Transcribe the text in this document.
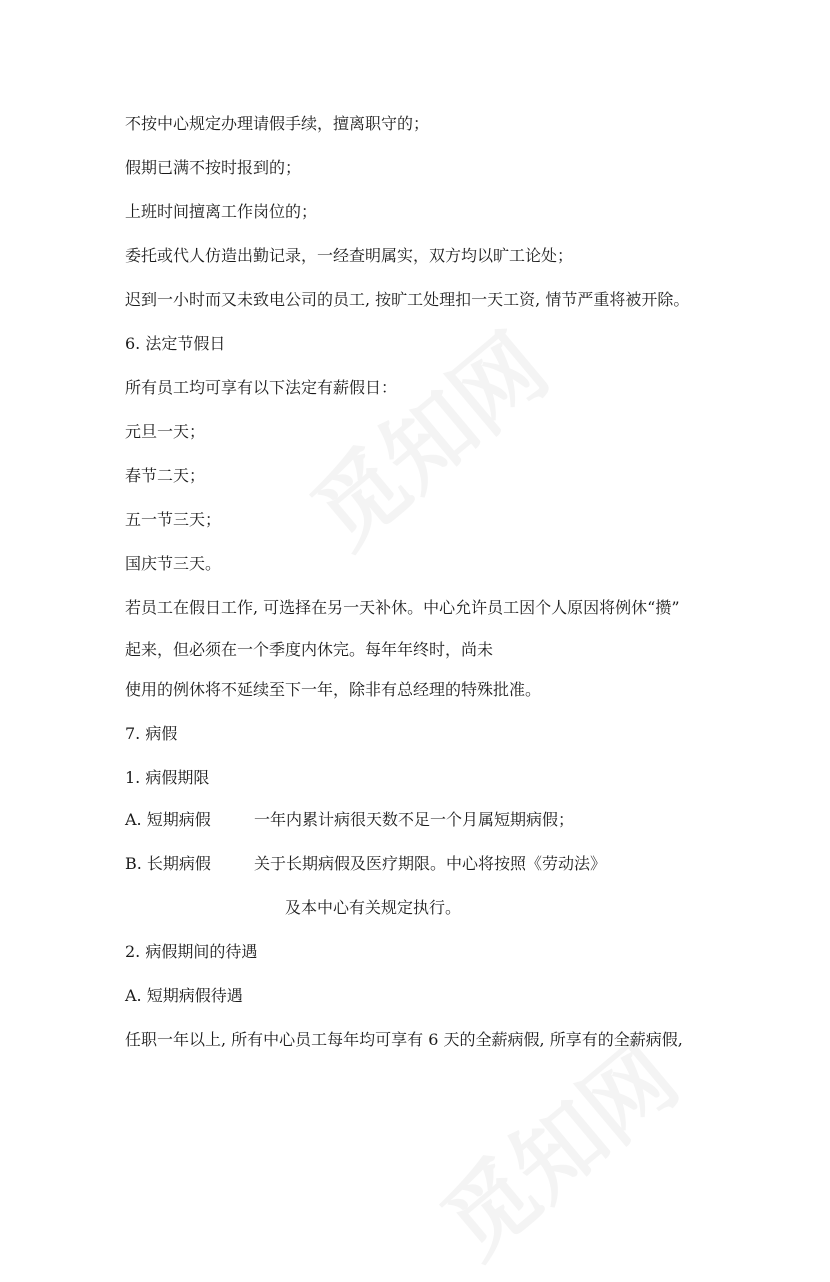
不按中心规定办理请假手续，擅离职守的；
假期已满不按时报到的；
上班时间擅离工作岗位的；
委托或代人仿造出勤记录，一经查明属实，双方均以旷工论处；
迟到一小时而又未致电公司的员工, 按旷工处理扣一天工资, 情节严重将被开除。
6. 法定节假日
所有员工均可享有以下法定有薪假日：
元旦一天；
春节二天；
五一节三天；
国庆节三天。
若员工在假日工作, 可选择在另一天补休。中心允许员工因个人原因将例休“攒”
起来，但必须在一个季度内休完。每年年终时，尚未
使用的例休将不延续至下一年，除非有总经理的特殊批准。
7. 病假
1. 病假期限
A. 短期病假	一年内累计病很天数不足一个月属短期病假；
B. 长期病假	关于长期病假及医疗期限。中心将按照《劳动法》
及本中心有关规定执行。
2. 病假期间的待遇
A. 短期病假待遇
任职一年以上, 所有中心员工每年均可享有 6 天的全薪病假, 所享有的全薪病假,
